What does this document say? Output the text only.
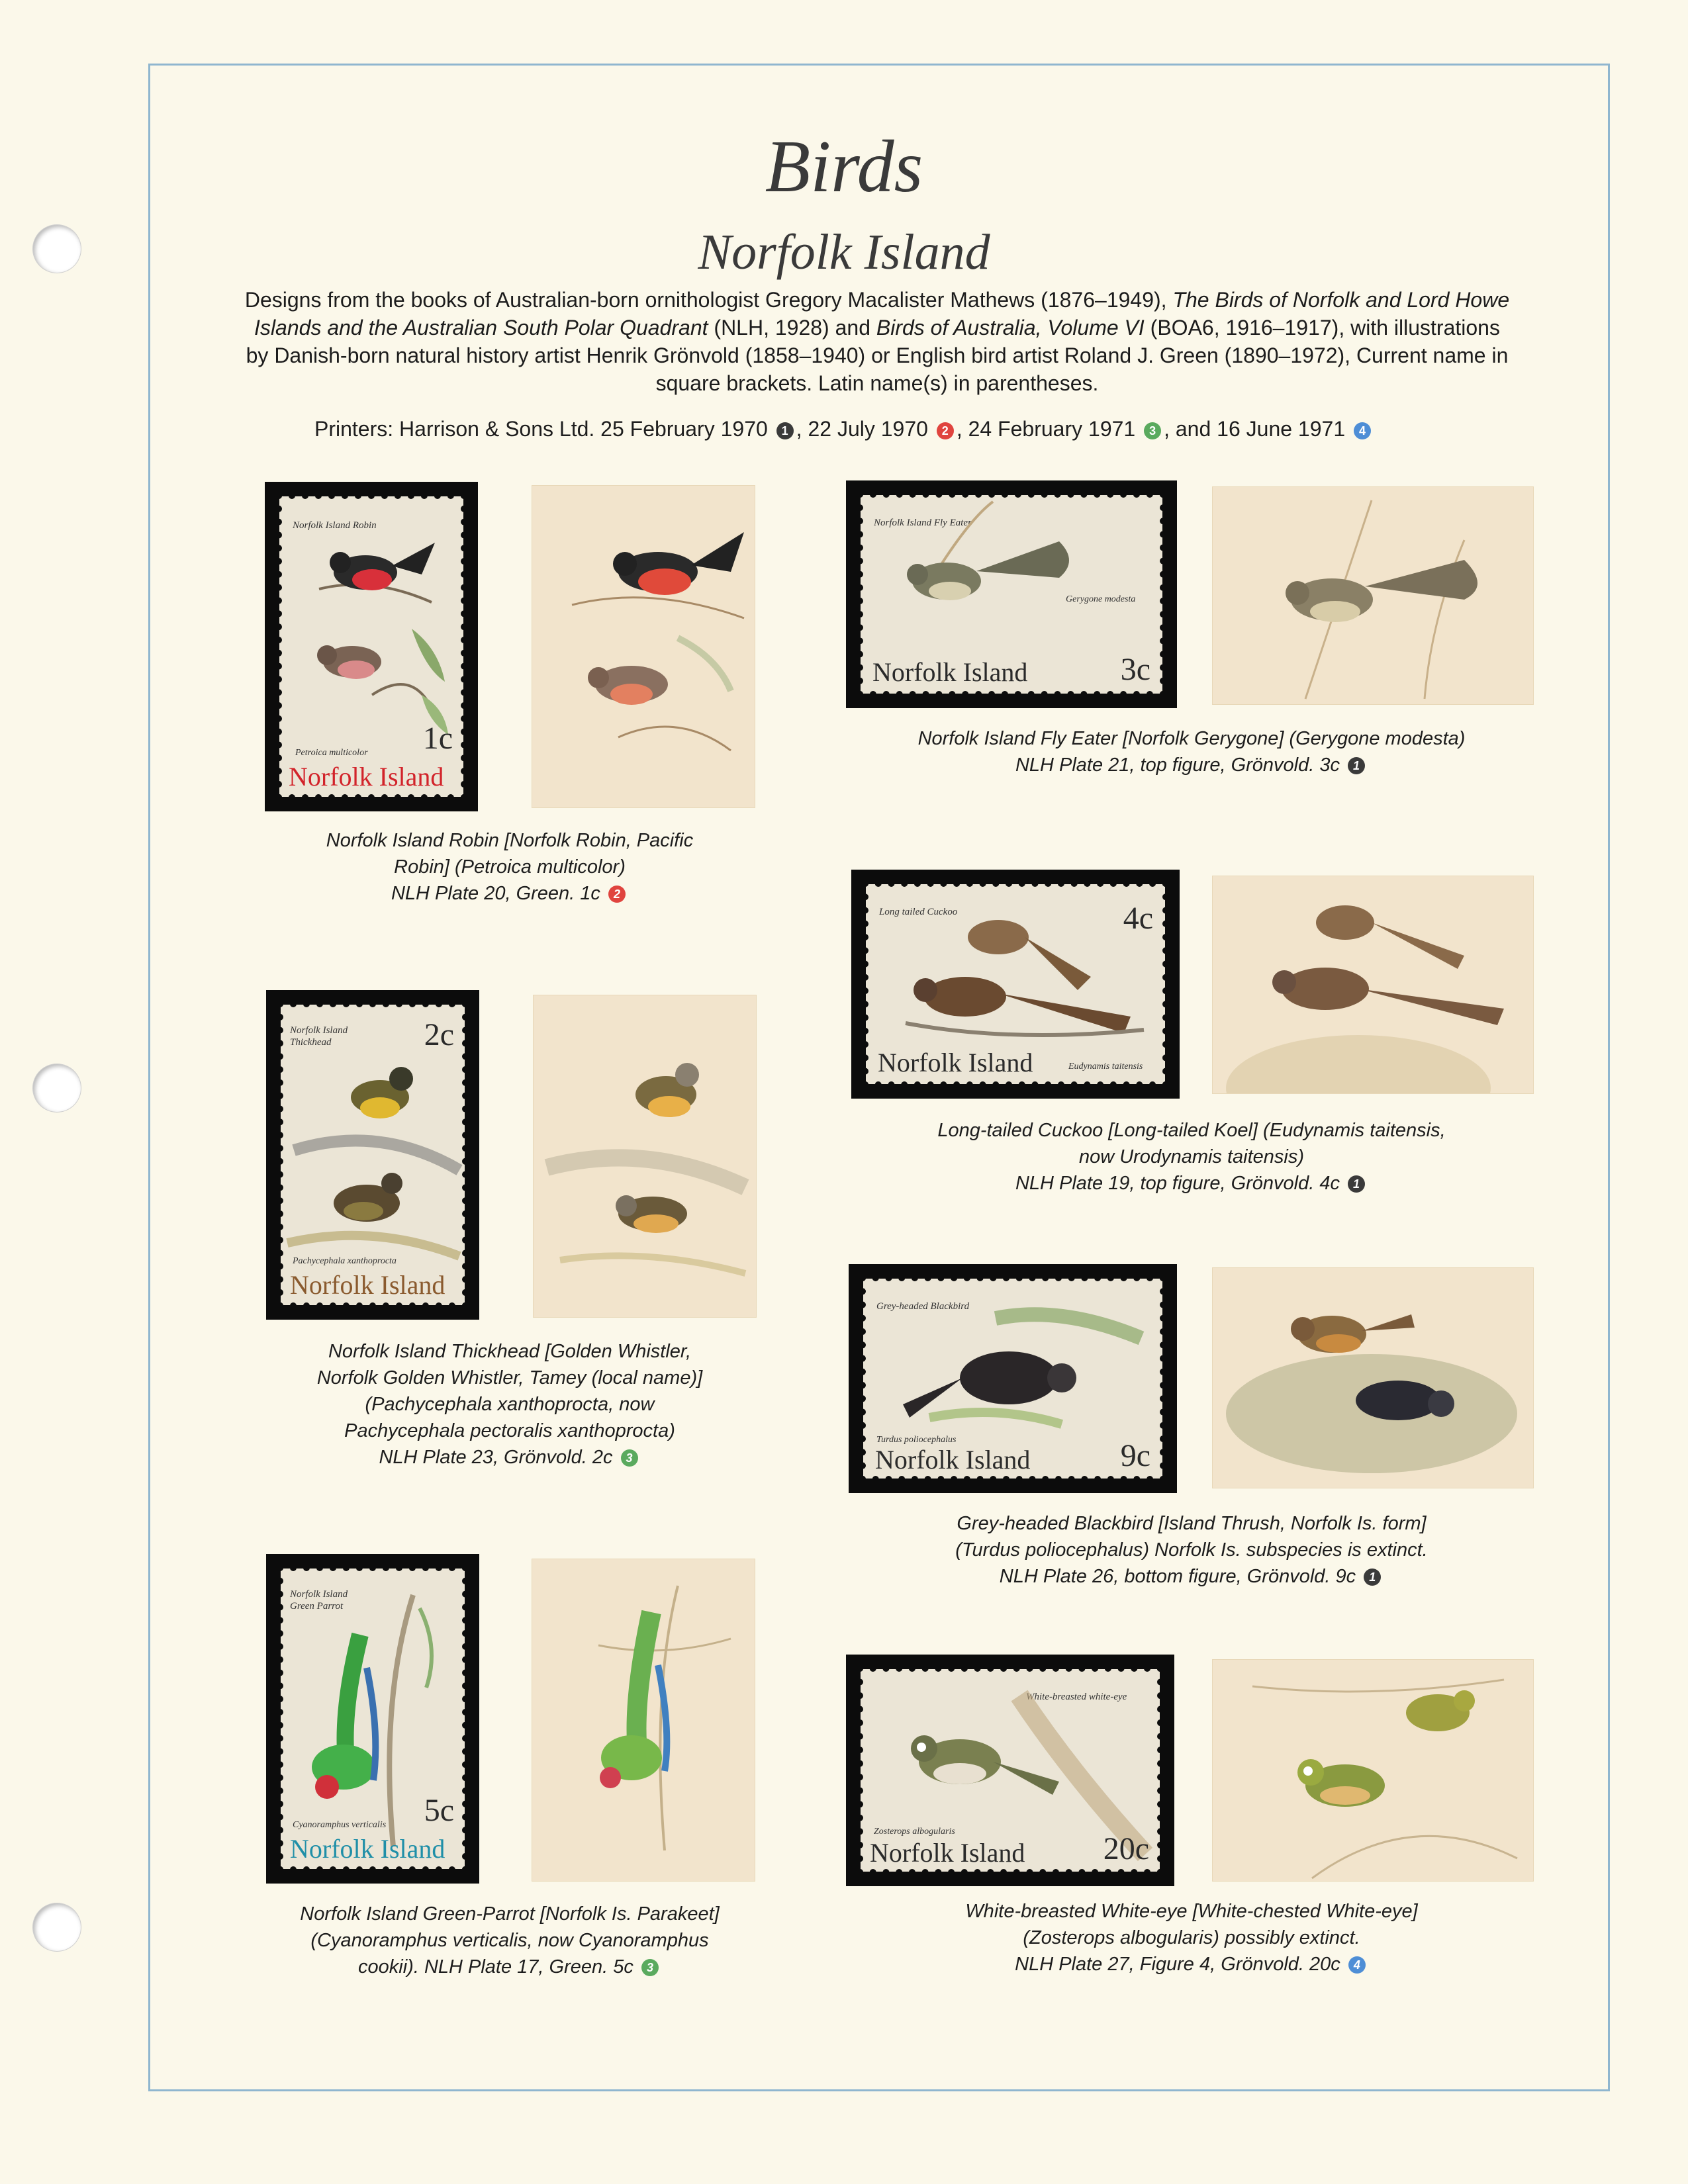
Birds
Norfolk Island
Designs from the books of Australian-born ornithologist Gregory Macalister Mathews (1876–1949), The Birds of Norfolk and Lord Howe Islands and the Australian South Polar Quadrant (NLH, 1928) and Birds of Australia, Volume VI (BOA6, 1916–1917), with illustrations by Danish-born natural history artist Henrik Grönvold (1858–1940) or English bird artist Roland J. Green (1890–1972), Current name in square brackets. Latin name(s) in parentheses.
Printers: Harrison & Sons Ltd. 25 February 1970 1 , 22 July 1970 2 , 24 February 1971 3 , and 16 June 1971 4
Norfolk Island Robin
Petroica multicolor 1c
Norfolk Island
Norfolk Island Robin [Norfolk Robin, Pacific
Robin] (Petroica multicolor)
NLH Plate 20, Green. 1c 2
Norfolk Island Thickhead	2c
Pachycephala xanthoprocta
Norfolk Island
Norfolk Island Thickhead [Golden Whistler,
Norfolk Golden Whistler, Tamey (local name)]
(Pachycephala xanthoprocta, now
Pachycephala pectoralis xanthoprocta)
NLH Plate 23, Grönvold. 2c 3
Norfolk Island Green Parrot
5c
Cyanoramphus verticalis
Norfolk Island
Norfolk Island Green-Parrot [Norfolk Is. Parakeet]
(Cyanoramphus verticalis, now Cyanoramphus
cookii). NLH Plate 17, Green. 5c 3
Norfolk Island Fly Eater
Gerygone modesta
Norfolk Island	3c
Norfolk Island Fly Eater [Norfolk Gerygone] (Gerygone modesta)
NLH Plate 21, top figure, Grönvold. 3c 1
Long tailed Cuckoo	4c
Norfolk Island	Eudynamis taitensis
Long-tailed Cuckoo [Long-tailed Koel] (Eudynamis taitensis,
now Urodynamis taitensis)
NLH Plate 19, top figure, Grönvold. 4c 1
Grey-headed Blackbird
Turdus poliocephalus
Norfolk Island	9c
Grey-headed Blackbird [Island Thrush, Norfolk Is. form]
(Turdus poliocephalus) Norfolk Is. subspecies is extinct.
NLH Plate 26, bottom figure, Grönvold. 9c 1
White-breasted white-eye
Zosterops albogularis
Norfolk Island 20c
White-breasted White-eye [White-chested White-eye]
(Zosterops albogularis) possibly extinct.
NLH Plate 27, Figure 4, Grönvold. 20c 4
